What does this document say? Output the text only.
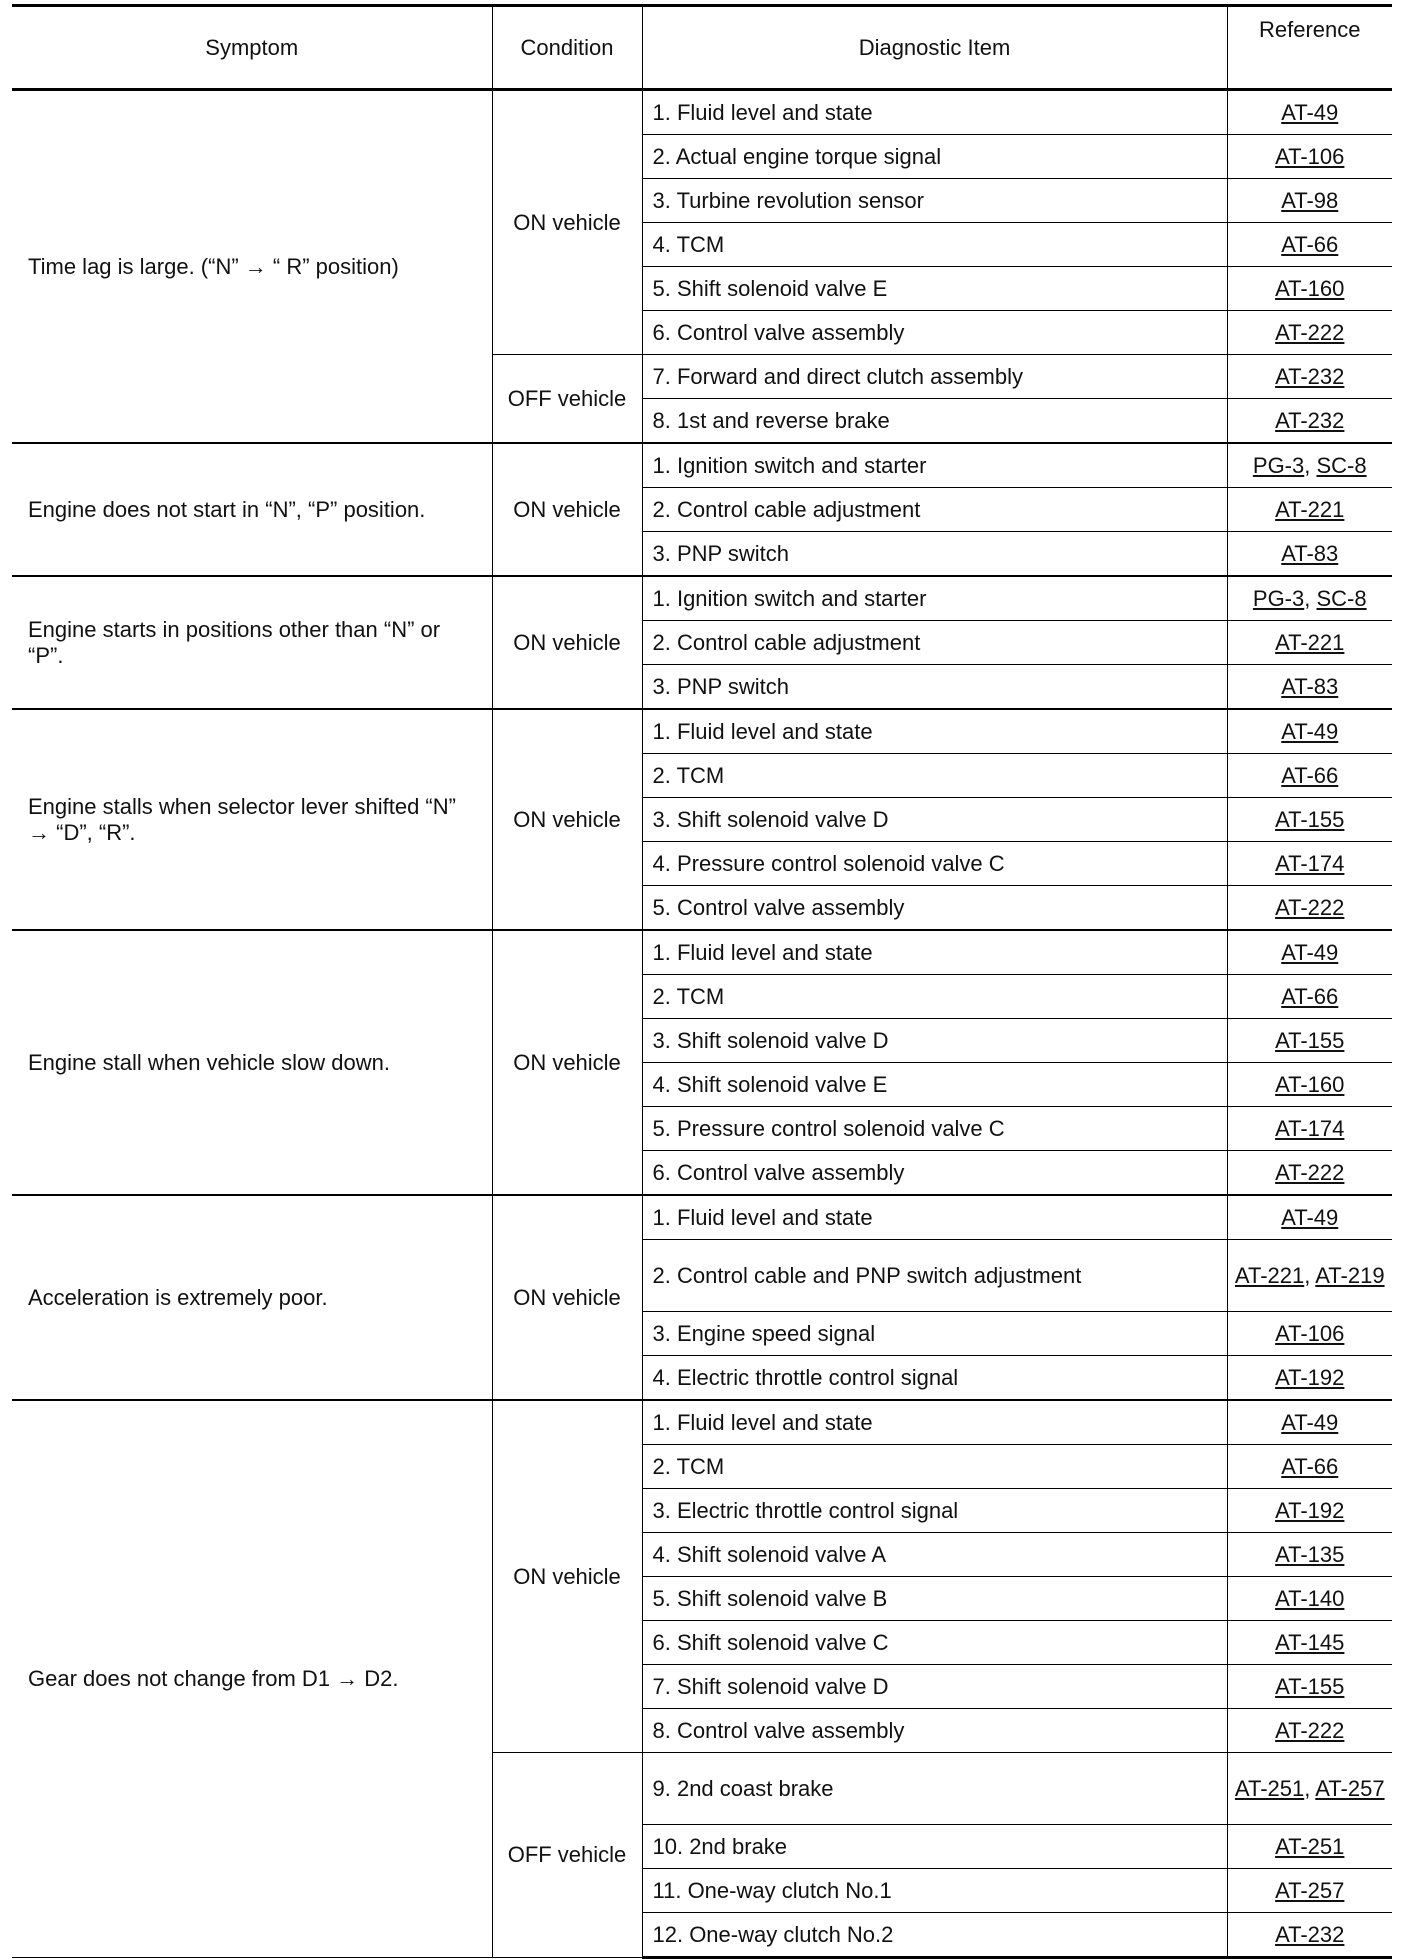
Symptom	Condition	Diagnostic Item	Reference
Time lag is large. (“N” → “ R” position)	ON vehicle	1. Fluid level and state	AT-49
		2. Actual engine torque signal	AT-106
		3. Turbine revolution sensor	AT-98
		4. TCM	AT-66
		5. Shift solenoid valve E	AT-160
		6. Control valve assembly	AT-222
	OFF vehicle	7. Forward and direct clutch assembly	AT-232
		8. 1st and reverse brake	AT-232
Engine does not start in “N”, “P” position.	ON vehicle	1. Ignition switch and starter	PG-3, SC-8
		2. Control cable adjustment	AT-221
		3. PNP switch	AT-83
Engine starts in positions other than “N” or “P”.	ON vehicle	1. Ignition switch and starter	PG-3, SC-8
		2. Control cable adjustment	AT-221
		3. PNP switch	AT-83
Engine stalls when selector lever shifted “N” → “D”, “R”.	ON vehicle	1. Fluid level and state	AT-49
		2. TCM	AT-66
		3. Shift solenoid valve D	AT-155
		4. Pressure control solenoid valve C	AT-174
		5. Control valve assembly	AT-222
Engine stall when vehicle slow down.	ON vehicle	1. Fluid level and state	AT-49
		2. TCM	AT-66
		3. Shift solenoid valve D	AT-155
		4. Shift solenoid valve E	AT-160
		5. Pressure control solenoid valve C	AT-174
		6. Control valve assembly	AT-222
Acceleration is extremely poor.	ON vehicle	1. Fluid level and state	AT-49
		2. Control cable and PNP switch adjustment	AT-221, AT-219
		3. Engine speed signal	AT-106
		4. Electric throttle control signal	AT-192
Gear does not change from D1 → D2.	ON vehicle	1. Fluid level and state	AT-49
		2. TCM	AT-66
		3. Electric throttle control signal	AT-192
		4. Shift solenoid valve A	AT-135
		5. Shift solenoid valve B	AT-140
		6. Shift solenoid valve C	AT-145
		7. Shift solenoid valve D	AT-155
		8. Control valve assembly	AT-222
	OFF vehicle	9. 2nd coast brake	AT-251, AT-257
		10. 2nd brake	AT-251
		11. One-way clutch No.1	AT-257
		12. One-way clutch No.2	AT-232
